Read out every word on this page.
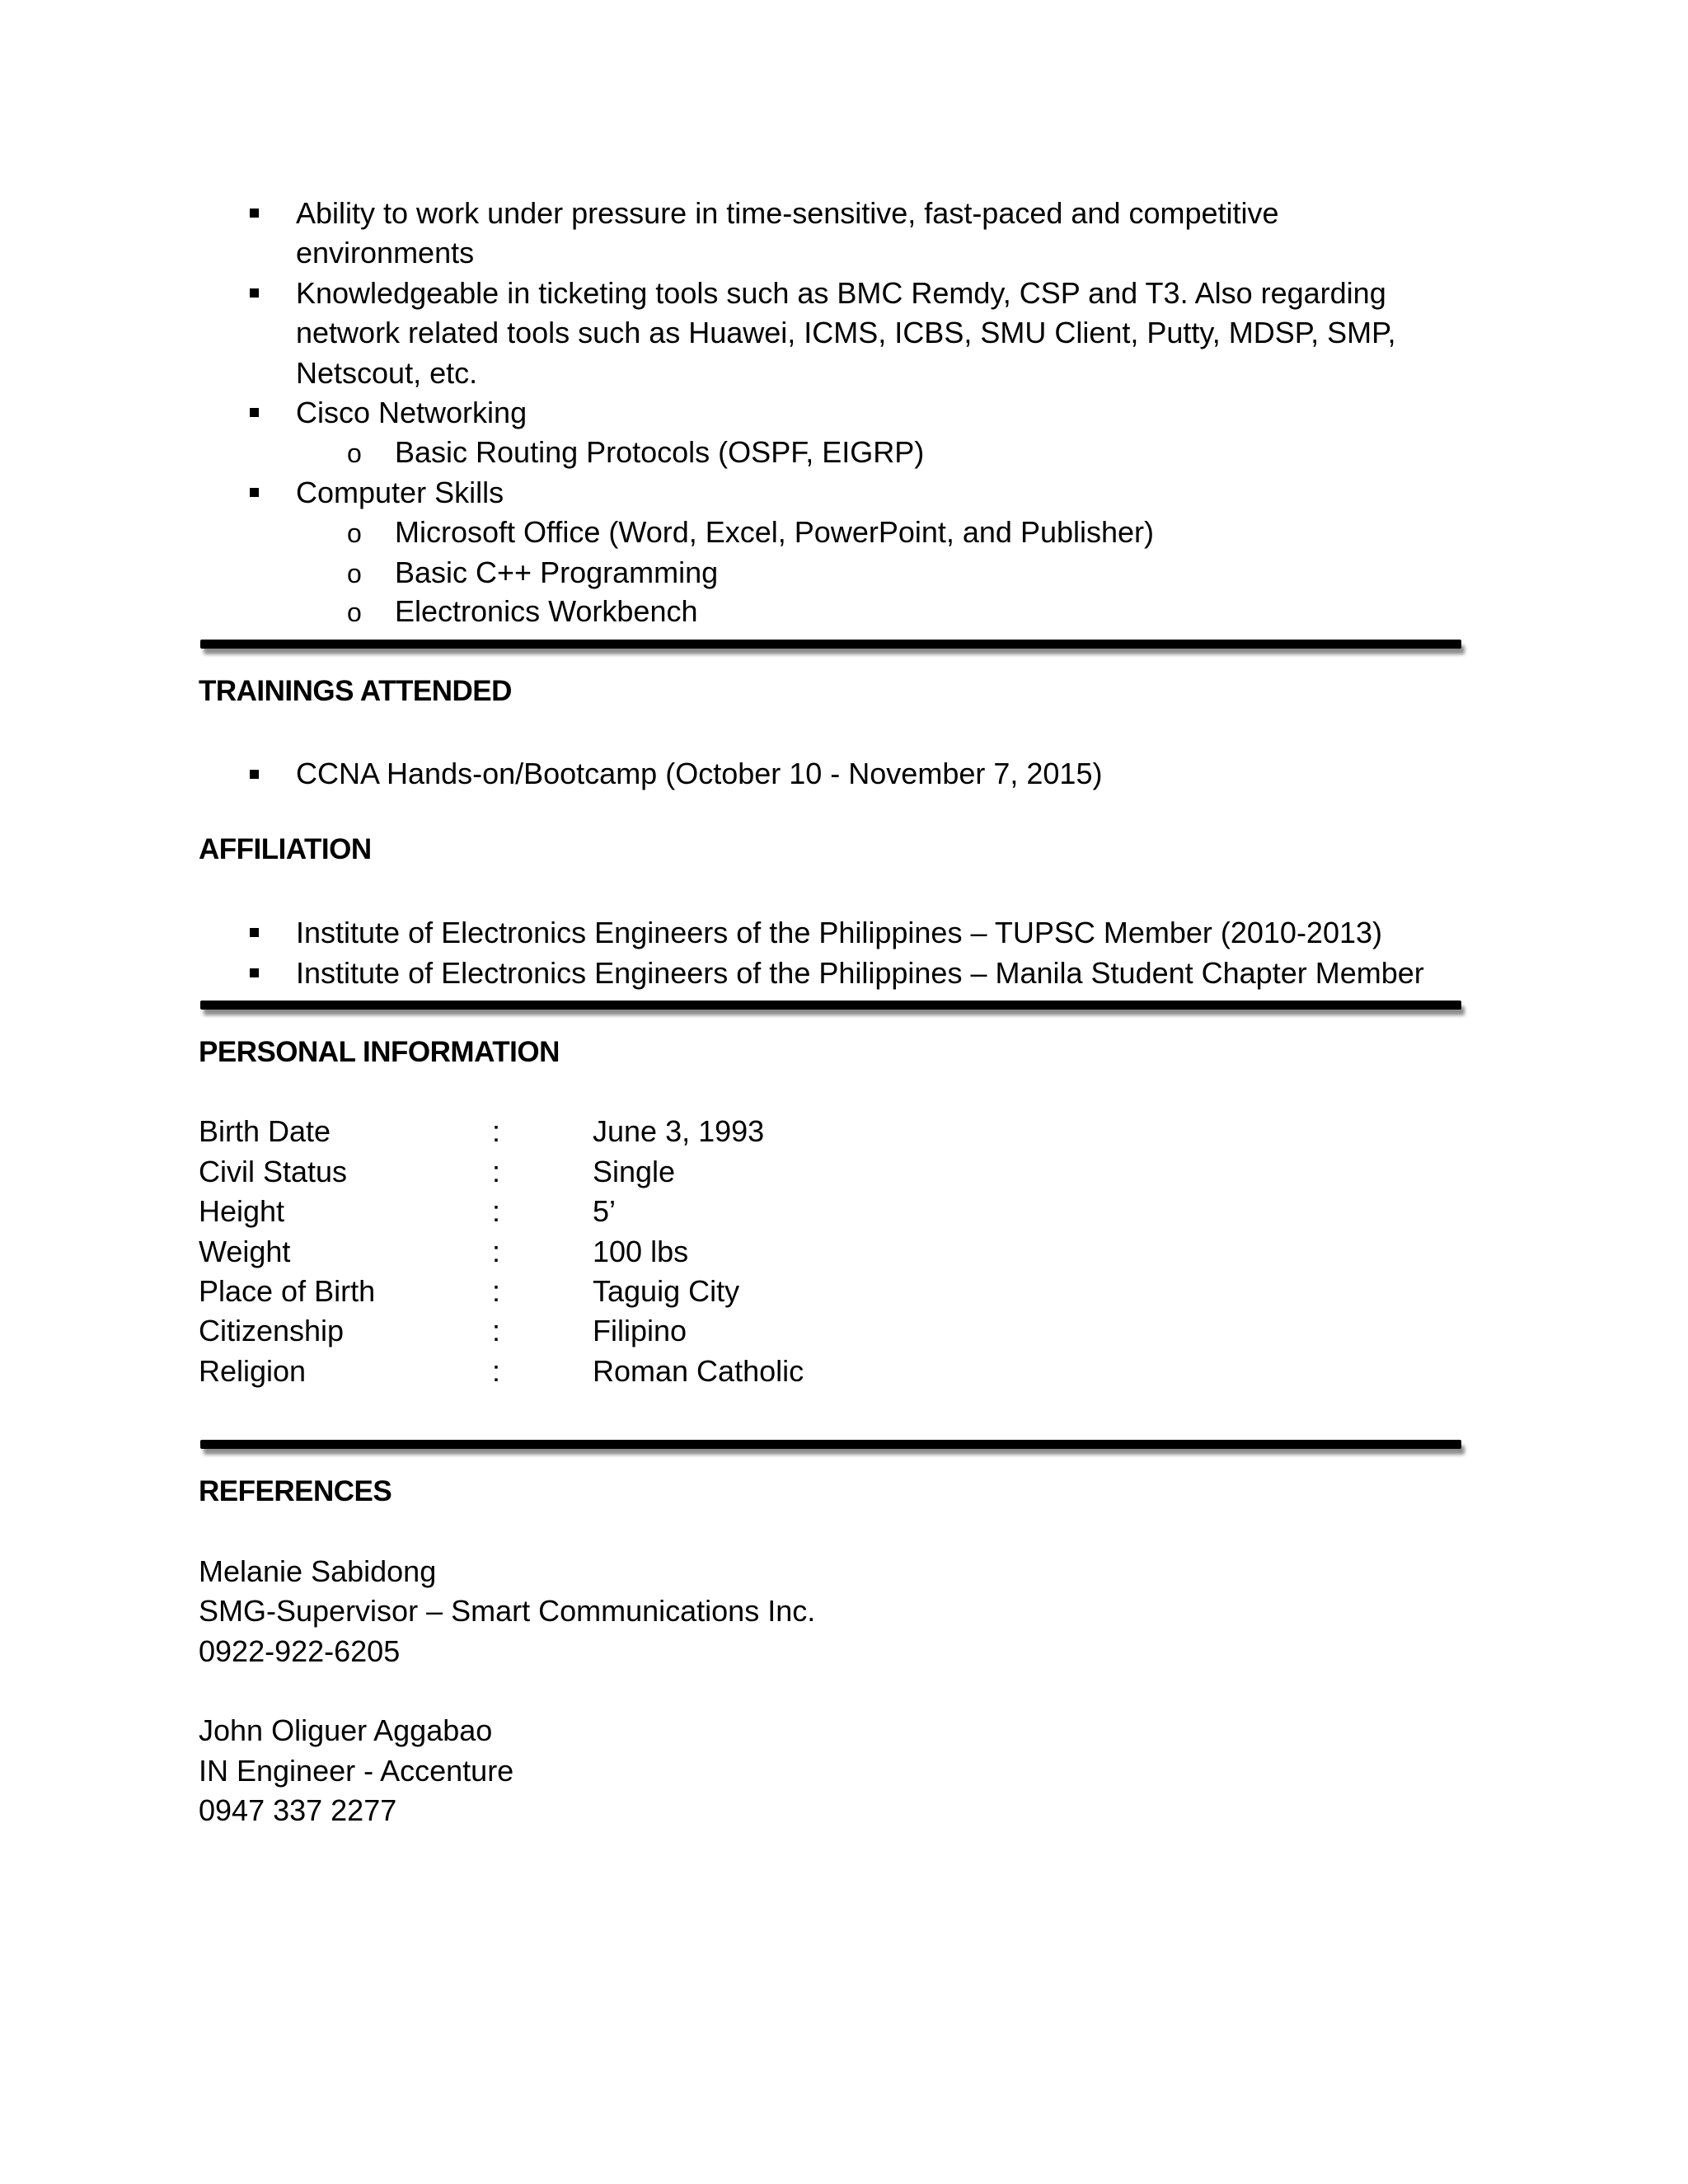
Ability to work under pressure in time-sensitive, fast-paced and competitive
environments
Knowledgeable in ticketing tools such as BMC Remdy, CSP and T3. Also regarding
network related tools such as Huawei, ICMS, ICBS, SMU Client, Putty, MDSP, SMP,
Netscout, etc.
Cisco Networking
o Basic Routing Protocols (OSPF, EIGRP)
Computer Skills
o Microsoft Office (Word, Excel, PowerPoint, and Publisher)
o Basic C++ Programming
o Electronics Workbench
TRAININGS ATTENDED
CCNA Hands-on/Bootcamp (October 10 - November 7, 2015)
AFFILIATION
Institute of Electronics Engineers of the Philippines – TUPSC Member (2010-2013)
Institute of Electronics Engineers of the Philippines – Manila Student Chapter Member
PERSONAL INFORMATION
Birth Date	:	June 3, 1993
Civil Status	:	Single
Height	:	5’
Weight	:	100 lbs
Place of Birth	:	Taguig City
Citizenship	:	Filipino
Religion	:	Roman Catholic
REFERENCES
Melanie Sabidong
SMG-Supervisor – Smart Communications Inc.
0922-922-6205
John Oliguer Aggabao
IN Engineer - Accenture
0947 337 2277
